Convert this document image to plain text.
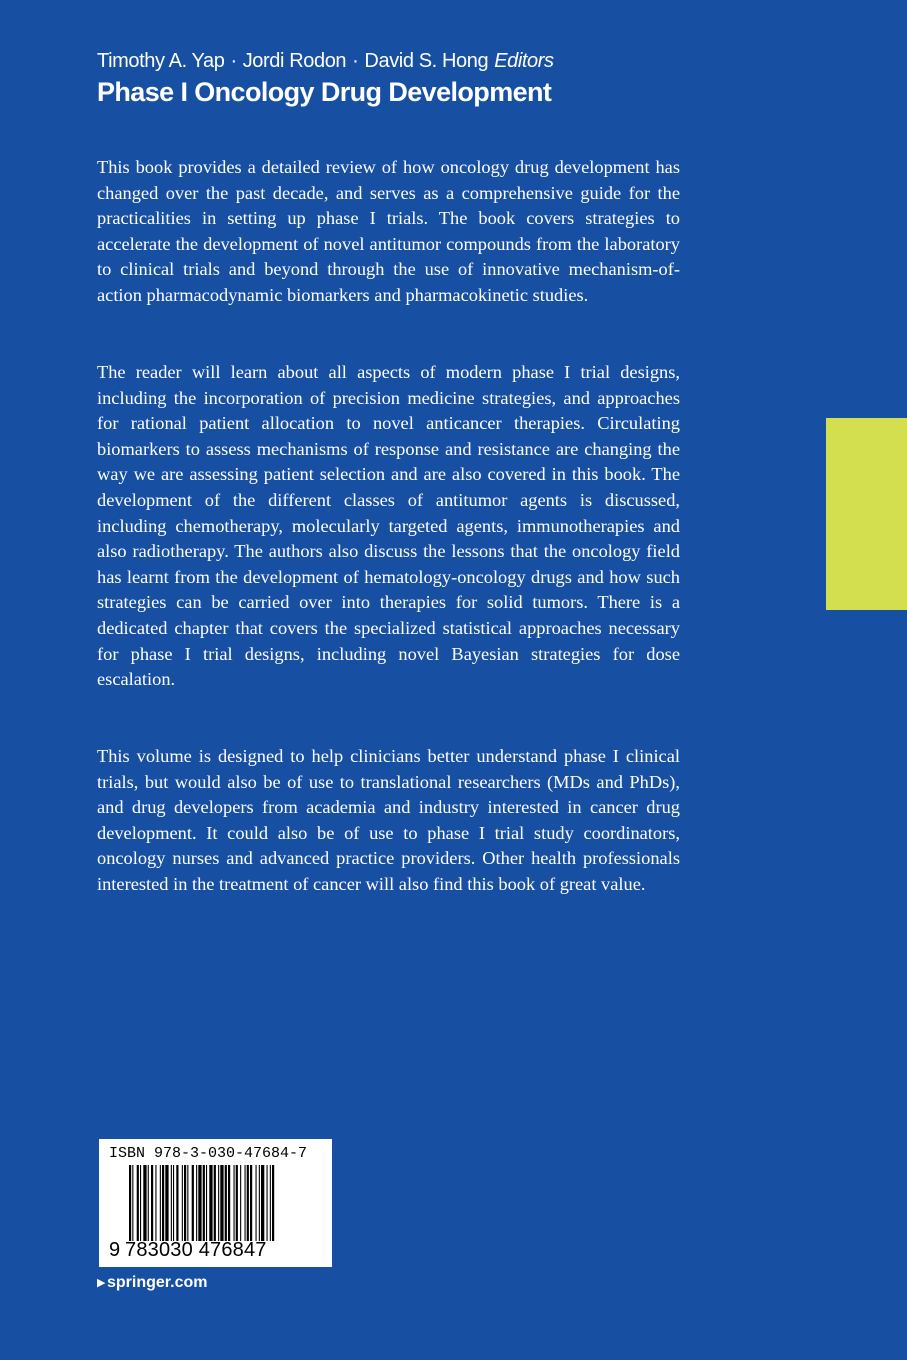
Timothy A. Yap · Jordi Rodon · David S. Hong Editors
Phase I Oncology Drug Development

This book provides a detailed review of how oncology drug development has changed over the past decade, and serves as a comprehensive guide for the practicalities in setting up phase I trials. The book covers strategies to accelerate the development of novel antitumor compounds from the laboratory to clinical trials and beyond through the use of innovative mechanism-of-action pharmacodynamic biomarkers and pharmacokinetic studies.

The reader will learn about all aspects of modern phase I trial designs, including the incorporation of precision medicine strategies, and approaches for rational patient allocation to novel anticancer therapies. Circulating biomarkers to assess mechanisms of response and resistance are changing the way we are assessing patient selection and are also covered in this book. The development of the different classes of antitumor agents is discussed, including chemotherapy, molecularly targeted agents, immunotherapies and also radiotherapy. The authors also discuss the lessons that the oncology field has learnt from the development of hematology-oncology drugs and how such strategies can be carried over into therapies for solid tumors. There is a dedicated chapter that covers the specialized statistical approaches necessary for phase I trial designs, including novel Bayesian strategies for dose escalation.

This volume is designed to help clinicians better understand phase I clinical trials, but would also be of use to translational researchers (MDs and PhDs), and drug developers from academia and industry interested in cancer drug development. It could also be of use to phase I trial study coordinators, oncology nurses and advanced practice providers. Other health professionals interested in the treatment of cancer will also find this book of great value.

ISBN 978-3-030-47684-7
9 783030 476847
▶springer.com
